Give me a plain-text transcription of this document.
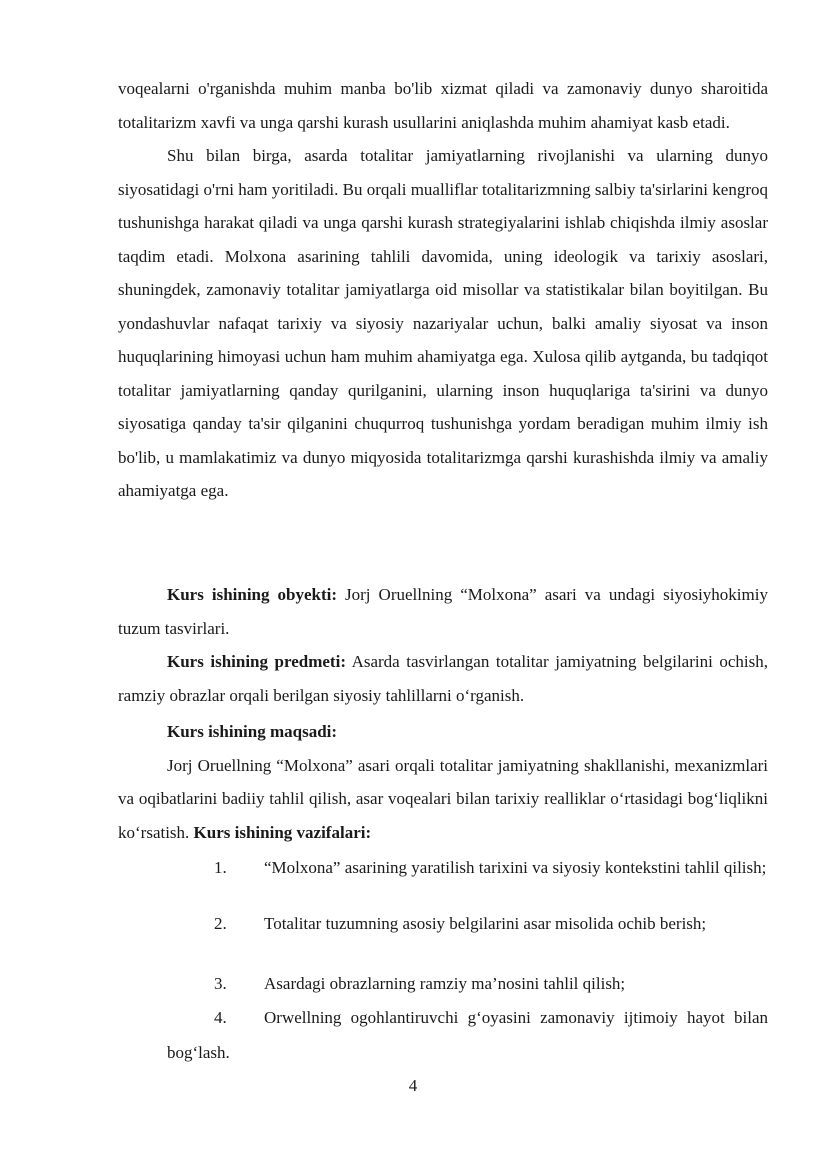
voqealarni o'rganishda muhim manba bo'lib xizmat qiladi va zamonaviy dunyo sharoitida totalitarizm xavfi va unga qarshi kurash usullarini aniqlashda muhim ahamiyat kasb etadi.

Shu bilan birga, asarda totalitar jamiyatlarning rivojlanishi va ularning dunyo siyosatidagi o'rni ham yoritiladi. Bu orqali mualliflar totalitarizmning salbiy ta'sirlarini kengroq tushunishga harakat qiladi va unga qarshi kurash strategiyalarini ishlab chiqishda ilmiy asoslar taqdim etadi. Molxona asarining tahlili davomida, uning ideologik va tarixiy asoslari, shuningdek, zamonaviy totalitar jamiyatlarga oid misollar va statistikalar bilan boyitilgan. Bu yondashuvlar nafaqat tarixiy va siyosiy nazariyalar uchun, balki amaliy siyosat va inson huquqlarining himoyasi uchun ham muhim ahamiyatga ega. Xulosa qilib aytganda, bu tadqiqot totalitar jamiyatlarning qanday qurilganini, ularning inson huquqlariga ta'sirini va dunyo siyosatiga qanday ta'sir qilganini chuqurroq tushunishga yordam beradigan muhim ilmiy ish bo'lib, u mamlakatimiz va dunyo miqyosida totalitarizmga qarshi kurashishda ilmiy va amaliy ahamiyatga ega.

Kurs ishining obyekti: Jorj Oruellning “Molxona” asari va undagi siyosiyhokimiy tuzum tasvirlari.

Kurs ishining predmeti: Asarda tasvirlangan totalitar jamiyatning belgilarini ochish, ramziy obrazlar orqali berilgan siyosiy tahlillarni o‘rganish.

Kurs ishining maqsadi:

Jorj Oruellning “Molxona” asari orqali totalitar jamiyatning shakllanishi, mexanizmlari va oqibatlarini badiiy tahlil qilish, asar voqealari bilan tarixiy realliklar o‘rtasidagi bog‘liqlikni ko‘rsatish. Kurs ishining vazifalari:

1. “Molxona” asarining yaratilish tarixini va siyosiy kontekstini tahlil qilish;

2. Totalitar tuzumning asosiy belgilarini asar misolida ochib berish;

3. Asardagi obrazlarning ramziy ma’nosini tahlil qilish;

4. Orwellning ogohlantiruvchi g‘oyasini zamonaviy ijtimoiy hayot bilan bog‘lash.

4
